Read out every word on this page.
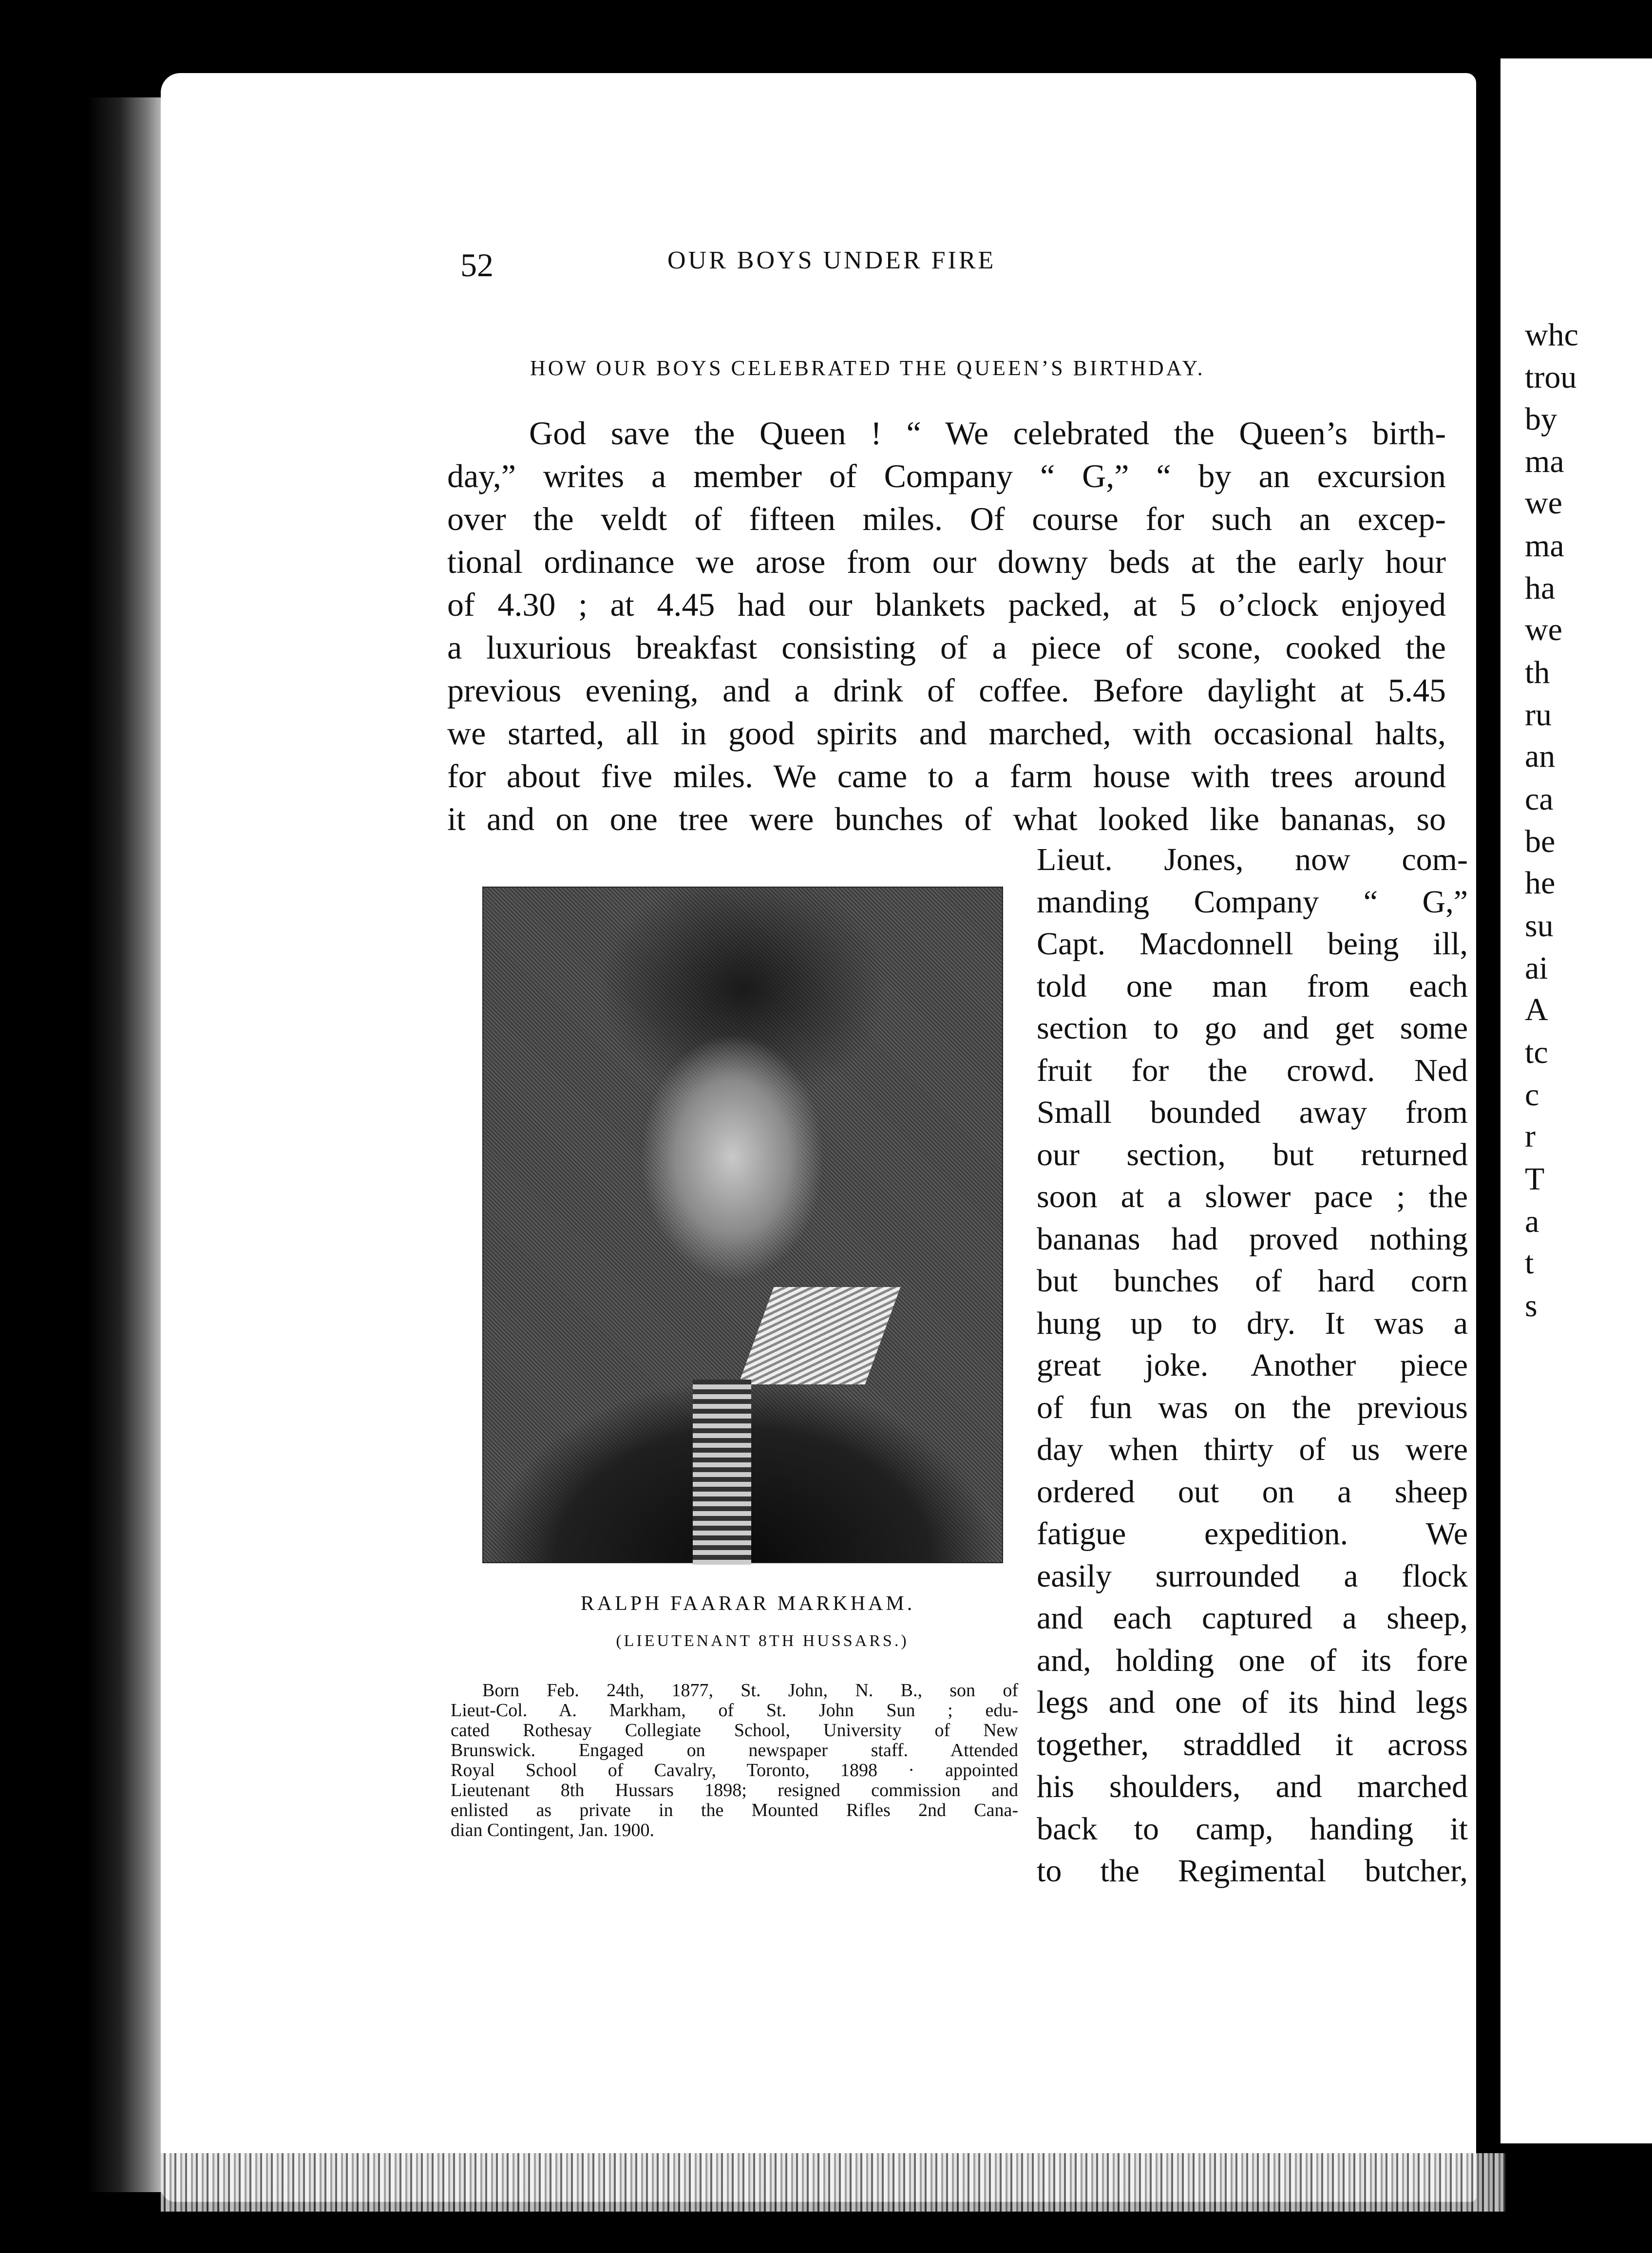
whc
trou
by
ma
we
ma
ha
we
th
ru
an
ca
be
he
su
ai
A
tc
c
r
T
a
t
s
52	OUR BOYS UNDER FIRE
HOW OUR BOYS CELEBRATED THE QUEEN’S BIRTHDAY.

God save the Queen ! “ We celebrated the Queen’s birth-
day,” writes a member of Company “ G,” “ by an excursion
over the veldt of fifteen miles. Of course for such an excep-
tional ordinance we arose from our downy beds at the early hour
of 4.30 ; at 4.45 had our blankets packed, at 5 o’clock enjoyed
a luxurious breakfast consisting of a piece of scone, cooked the
previous evening, and a drink of coffee. Before daylight at 5.45
we started, all in good spirits and marched, with occasional halts,
for about five miles. We came to a farm house with trees around
it and on one tree were bunches of what looked like bananas, so

RALPH FAARAR MARKHAM.
(LIEUTENANT 8TH HUSSARS.)

Born Feb. 24th, 1877, St. John, N. B., son of
Lieut-Col. A. Markham, of St. John Sun ; edu-
cated Rothesay Collegiate School, University of New
Brunswick. Engaged on newspaper staff. Attended
Royal School of Cavalry, Toronto, 1898 · appointed
Lieutenant 8th Hussars 1898; resigned commission and
enlisted as private in the Mounted Rifles 2nd Cana-
dian Contingent, Jan. 1900.

Lieut. Jones, now com-
manding Company “ G,”
Capt. Macdonnell being ill,
told one man from each
section to go and get some
fruit for the crowd. Ned
Small bounded away from
our section, but returned
soon at a slower pace ; the
bananas had proved nothing
but bunches of hard corn
hung up to dry. It was a
great joke. Another piece
of fun was on the previous
day when thirty of us were
ordered out on a sheep
fatigue expedition. We
easily surrounded a flock
and each captured a sheep,
and, holding one of its fore
legs and one of its hind legs
together, straddled it across
his shoulders, and marched
back to camp, handing it
to the Regimental butcher,
